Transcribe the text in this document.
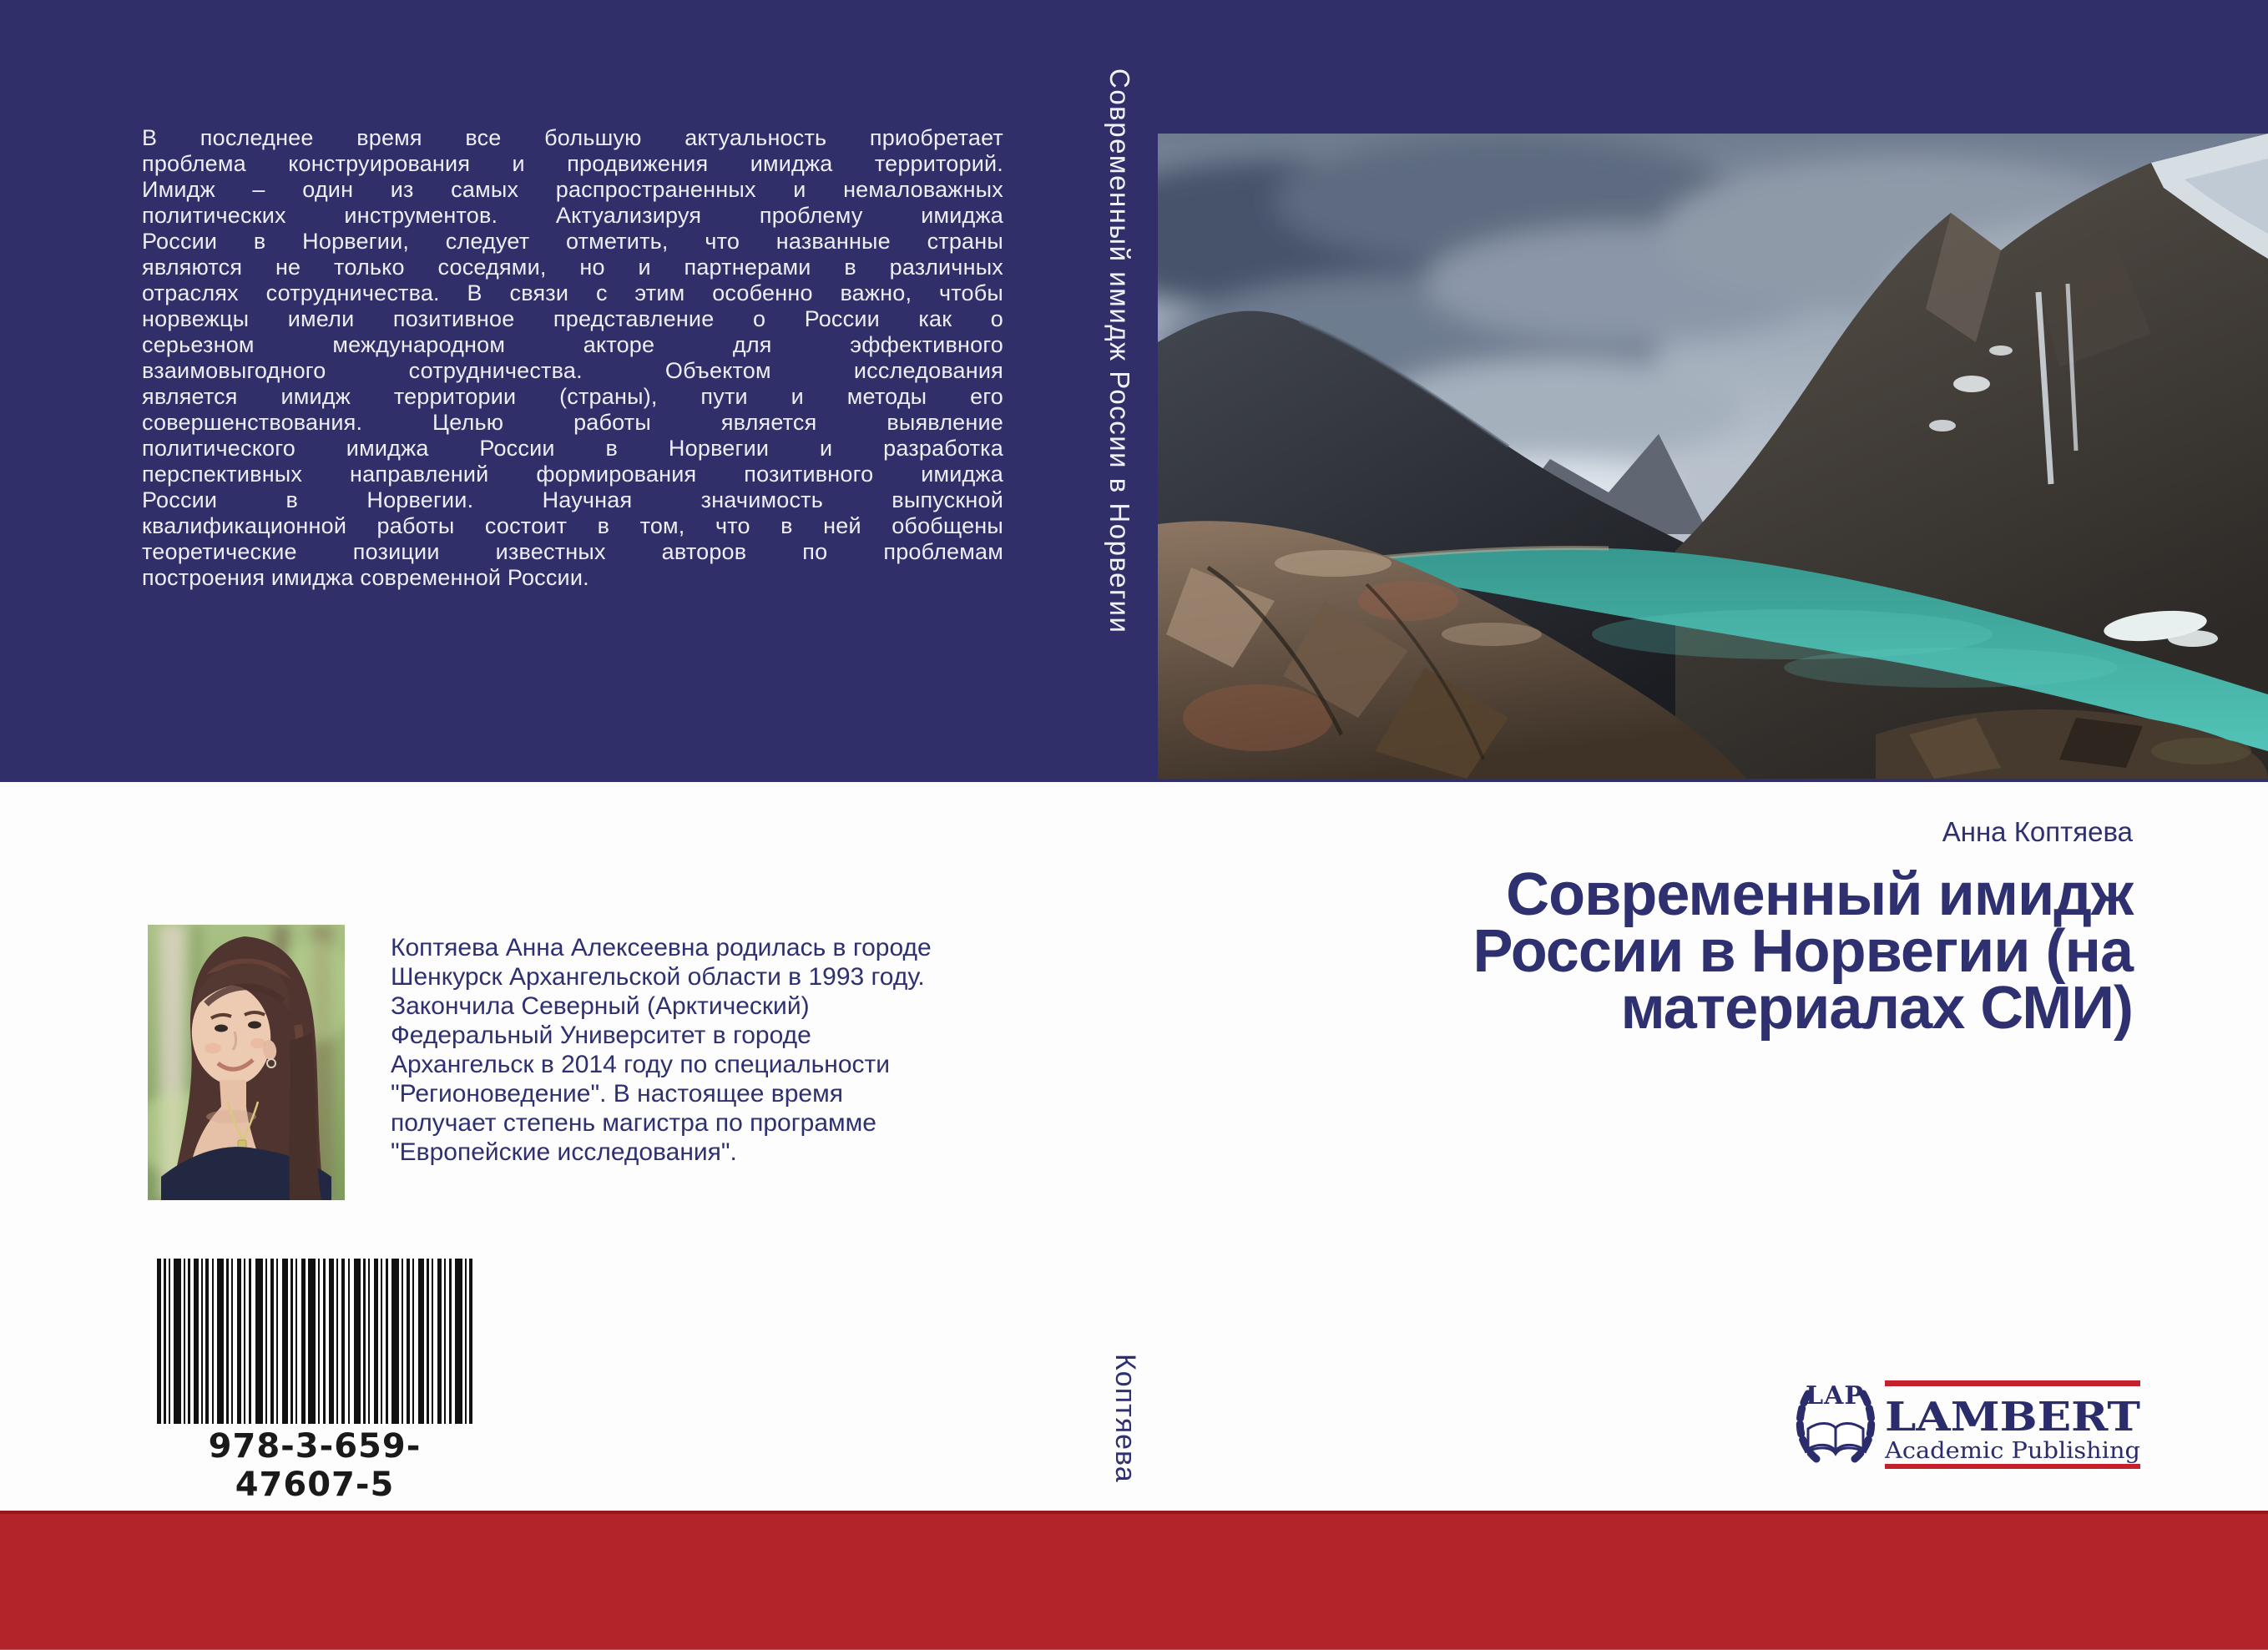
В последнее время все большую актуальность приобретает
проблема конструирования и продвижения имиджа территорий.
Имидж – один из самых распространенных и немаловажных
политических инструментов. Актуализируя проблему имиджа
России в Норвегии, следует отметить, что названные страны
являются не только соседями, но и партнерами в различных
отраслях сотрудничества. В связи с этим особенно важно, чтобы
норвежцы имели позитивное представление о России как о
серьезном международном акторе для эффективного
взаимовыгодного сотрудничества. Объектом исследования
является имидж территории (страны), пути и методы его
совершенствования. Целью работы является выявление
политического имиджа России в Норвегии и разработка
перспективных направлений формирования позитивного имиджа
России в Норвегии. Научная значимость выпускной
квалификационной работы состоит в том, что в ней обобщены
теоретические позиции известных авторов по проблемам
построения имиджа современной России.	Современный имидж России в Норвегии
Коптяева
Анна Коптяева
Современный имидж
России в Норвегии (на
материалах СМИ)
Коптяева Анна Алексеевна родилась в городе
Шенкурск Архангельской области в 1993 году.
Закончила Северный (Арктический)
Федеральный Университет в городе
Архангельск в 2014 году по специальности
"Регионоведение". В настоящее время
получает степень магистра по программе
"Европейские исследования".
978-3-659-47607-5
LAP LAMBERT
Academic Publishing
